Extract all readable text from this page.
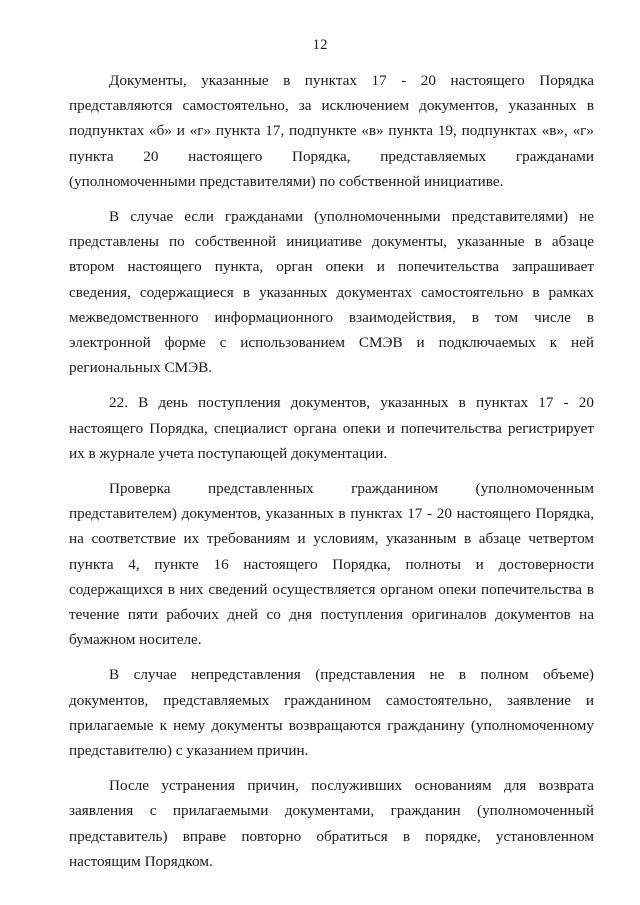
12

Документы, указанные в пунктах 17 - 20 настоящего Порядка представляются самостоятельно, за исключением документов, указанных в подпунктах «б» и «г» пункта 17, подпункте «в» пункта 19, подпунктах «в», «г» пункта 20 настоящего Порядка, представляемых гражданами (уполномоченными представителями) по собственной инициативе.

В случае если гражданами (уполномоченными представителями) не представлены по собственной инициативе документы, указанные в абзаце втором настоящего пункта, орган опеки и попечительства запрашивает сведения, содержащиеся в указанных документах самостоятельно в рамках межведомственного информационного взаимодействия, в том числе в электронной форме с использованием СМЭВ и подключаемых к ней региональных СМЭВ.

22. В день поступления документов, указанных в пунктах 17 - 20 настоящего Порядка, специалист органа опеки и попечительства регистрирует их в журнале учета поступающей документации.

Проверка представленных гражданином (уполномоченным представителем) документов, указанных в пунктах 17 - 20 настоящего Порядка, на соответствие их требованиям и условиям, указанным в абзаце четвертом пункта 4, пункте 16 настоящего Порядка, полноты и достоверности содержащихся в них сведений осуществляется органом опеки попечительства в течение пяти рабочих дней со дня поступления оригиналов документов на бумажном носителе.

В случае непредставления (представления не в полном объеме) документов, представляемых гражданином самостоятельно, заявление и прилагаемые к нему документы возвращаются гражданину (уполномоченному представителю) с указанием причин.

После устранения причин, послуживших основаниям для возврата заявления с прилагаемыми документами, гражданин (уполномоченный представитель) вправе повторно обратиться в порядке, установленном настоящим Порядком.
